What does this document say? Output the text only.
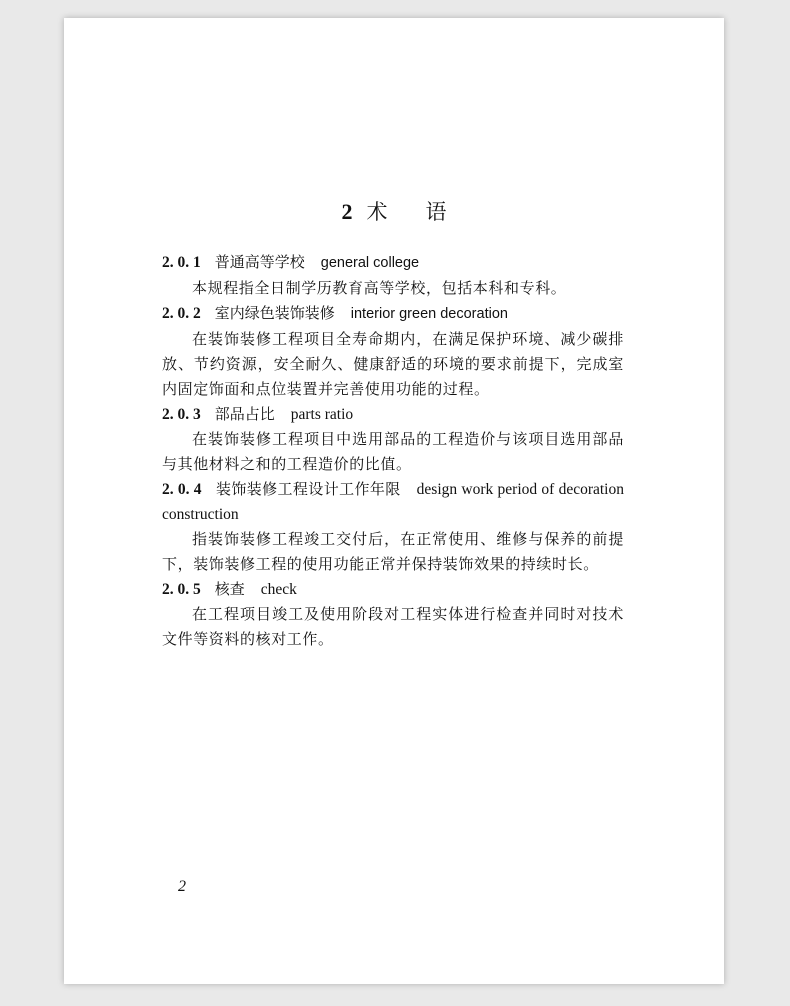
2 术 语

2. 0. 1 普通高等学校 general college

本规程指全日制学历教育高等学校，包括本科和专科。

2. 0. 2 室内绿色装饰装修 interior green decoration

在装饰装修工程项目全寿命期内，在满足保护环境、减少碳排放、节约资源，安全耐久、健康舒适的环境的要求前提下，完成室内固定饰面和点位装置并完善使用功能的过程。

2. 0. 3 部品占比 parts ratio

在装饰装修工程项目中选用部品的工程造价与该项目选用部品与其他材料之和的工程造价的比值。

2. 0. 4 装饰装修工程设计工作年限 design work period of decoration construction

指装饰装修工程竣工交付后，在正常使用、维修与保养的前提下，装饰装修工程的使用功能正常并保持装饰效果的持续时长。

2. 0. 5 核查 check

在工程项目竣工及使用阶段对工程实体进行检查并同时对技术文件等资料的核对工作。

2
